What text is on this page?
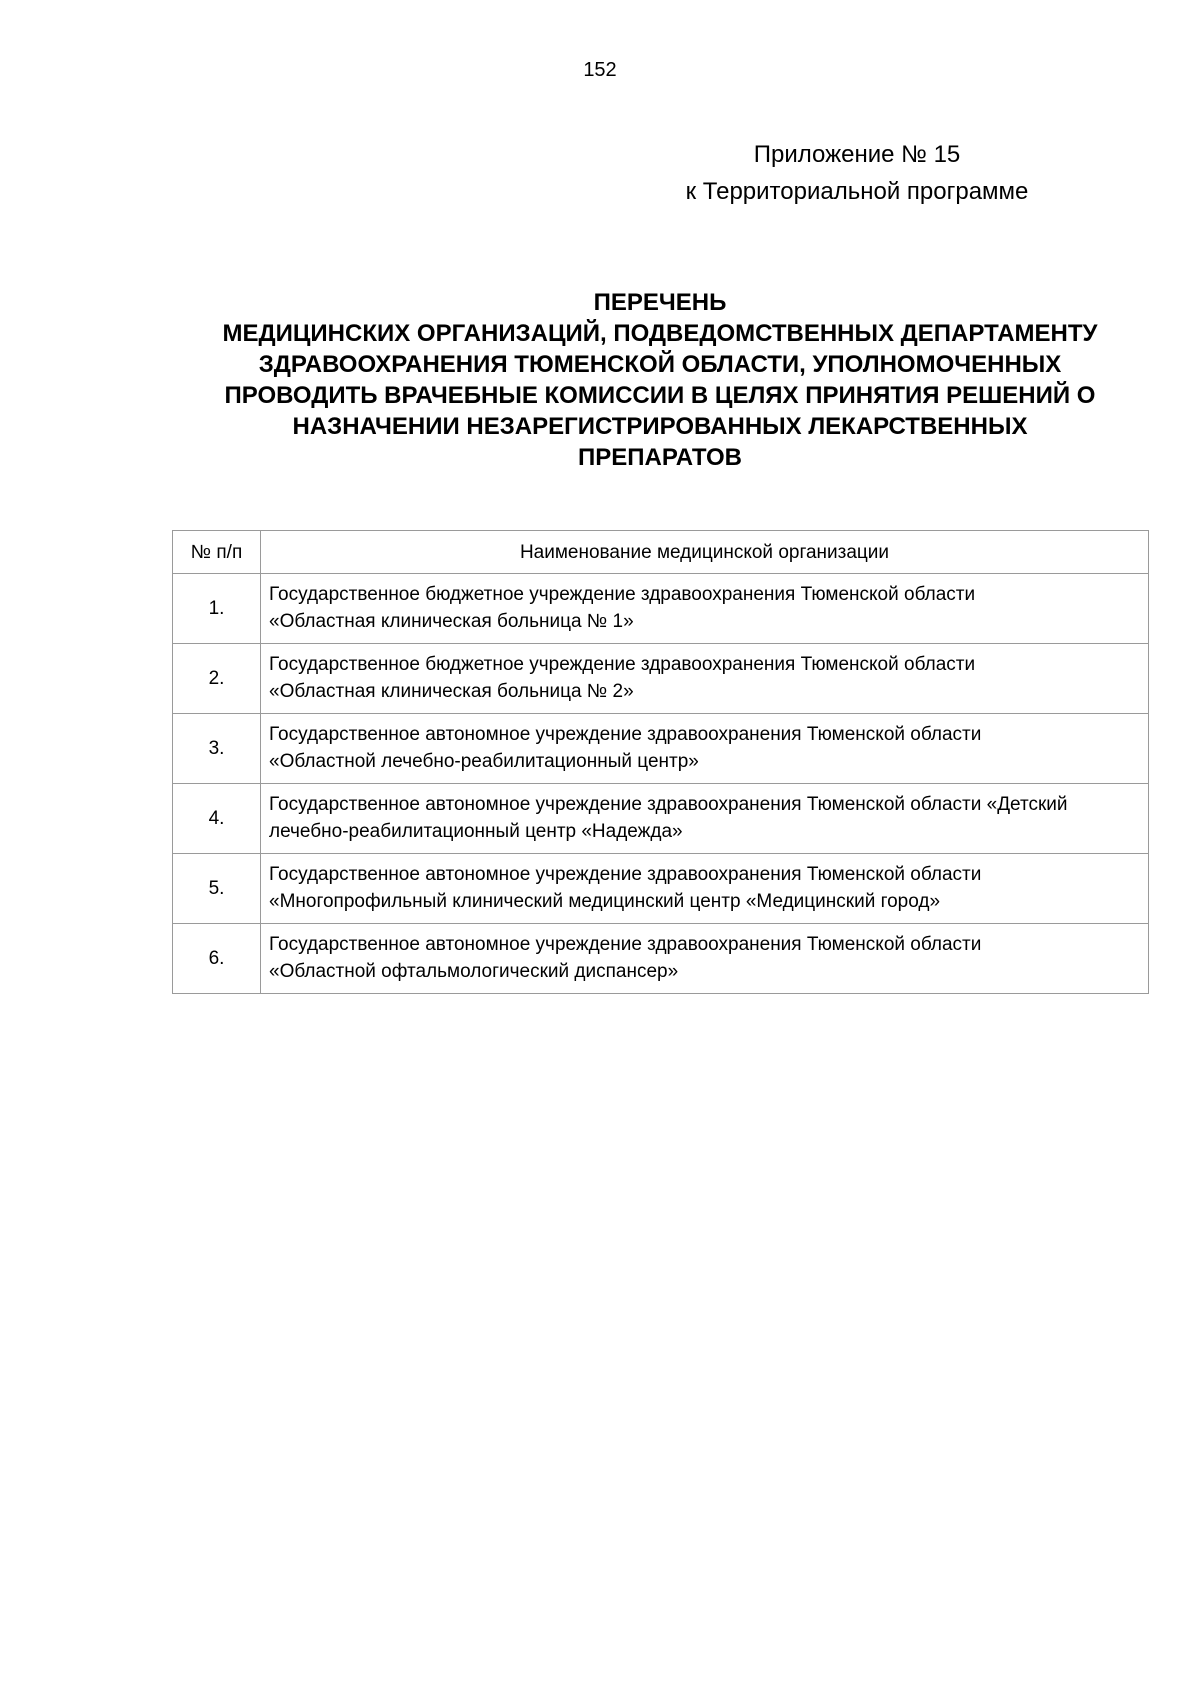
152
Приложение № 15
к Территориальной программе
ПЕРЕЧЕНЬ
МЕДИЦИНСКИХ ОРГАНИЗАЦИЙ, ПОДВЕДОМСТВЕННЫХ ДЕПАРТАМЕНТУ
ЗДРАВООХРАНЕНИЯ ТЮМЕНСКОЙ ОБЛАСТИ, УПОЛНОМОЧЕННЫХ
ПРОВОДИТЬ ВРАЧЕБНЫЕ КОМИССИИ В ЦЕЛЯХ ПРИНЯТИЯ РЕШЕНИЙ О
НАЗНАЧЕНИИ НЕЗАРЕГИСТРИРОВАННЫХ ЛЕКАРСТВЕННЫХ
ПРЕПАРАТОВ
№ п/п	Наименование медицинской организации
1.	Государственное бюджетное учреждение здравоохранения Тюменской области
«Областная клиническая больница № 1»

2.	Государственное бюджетное учреждение здравоохранения Тюменской области
«Областная клиническая больница № 2»

3.	Государственное автономное учреждение здравоохранения Тюменской области
«Областной лечебно-реабилитационный центр»

4.	Государственное автономное учреждение здравоохранения Тюменской области «Детский
лечебно-реабилитационный центр «Надежда»

5.	Государственное автономное учреждение здравоохранения Тюменской области
«Многопрофильный клинический медицинский центр «Медицинский город»

6.	Государственное автономное учреждение здравоохранения Тюменской области
«Областной офтальмологический диспансер»
